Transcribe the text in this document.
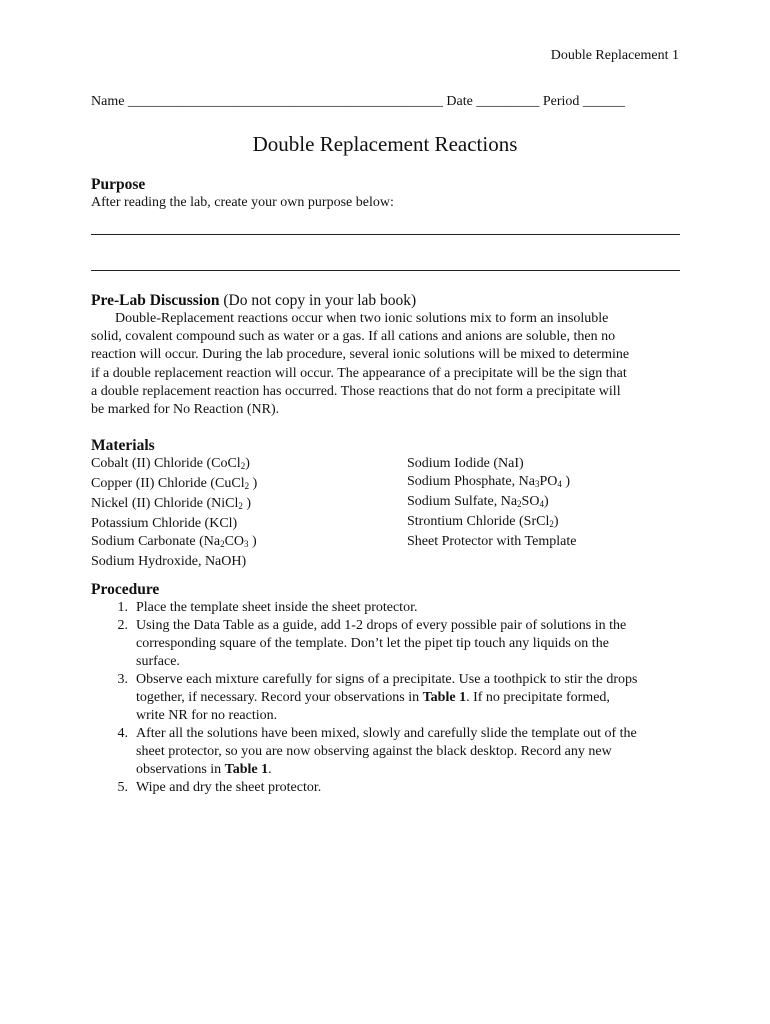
Double Replacement 1
Name _____________________________________________ Date _________ Period ______
Double Replacement Reactions
Purpose
After reading the lab, create your own purpose below:
Pre-Lab Discussion (Do not copy in your lab book)
Double-Replacement reactions occur when two ionic solutions mix to form an insoluble
solid, covalent compound such as water or a gas. If all cations and anions are soluble, then no
reaction will occur. During the lab procedure, several ionic solutions will be mixed to determine
if a double replacement reaction will occur. The appearance of a precipitate will be the sign that
a double replacement reaction has occurred. Those reactions that do not form a precipitate will
be marked for No Reaction (NR).
Materials
Cobalt (II) Chloride (CoCl$_2$)
Copper (II) Chloride (CuCl$_2$ )
Nickel (II) Chloride (NiCl$_2$ )
Potassium Chloride (KCl)
Sodium Carbonate ($Na_2CO_3$ )
Sodium Hydroxide, NaOH)
Sodium Iodide (NaI)
Sodium Phosphate, $Na_3PO_4$ )
Sodium Sulfate, $Na_2SO_4$)
Strontium Chloride (SrCl$_2$)
Sheet Protector with Template
Procedure
1. Place the template sheet inside the sheet protector.
2. Using the Data Table as a guide, add 1-2 drops of every possible pair of solutions in the
corresponding square of the template. Don’t let the pipet tip touch any liquids on the
surface.
3. Observe each mixture carefully for signs of a precipitate. Use a toothpick to stir the drops
together, if necessary. Record your observations in Table 1. If no precipitate formed,
write NR for no reaction.
4. After all the solutions have been mixed, slowly and carefully slide the template out of the
sheet protector, so you are now observing against the black desktop. Record any new
observations in Table 1.
5. Wipe and dry the sheet protector.
